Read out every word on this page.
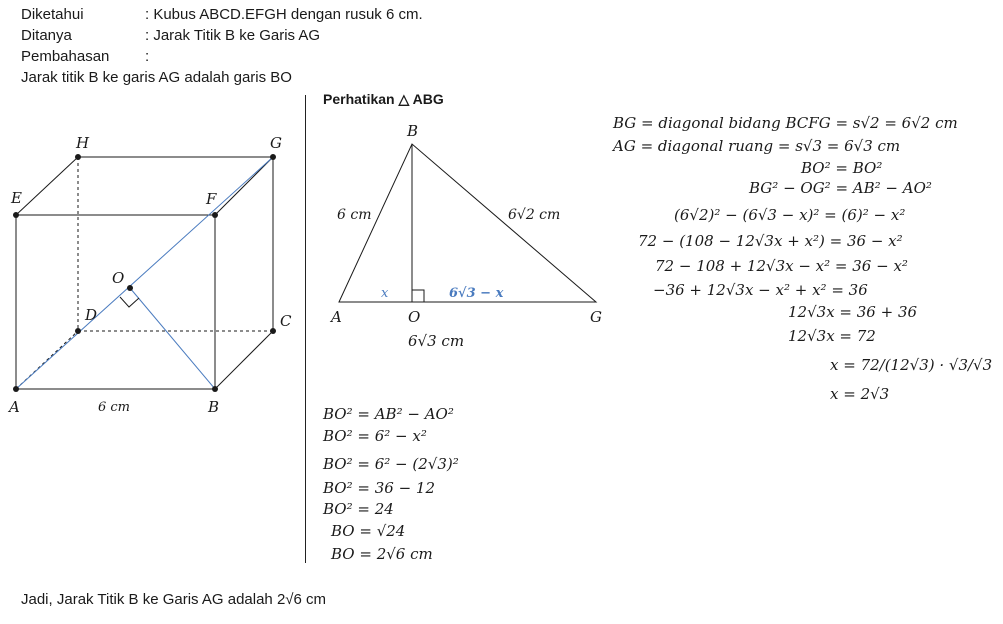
Diketahui	: Kubus ABCD.EFGH dengan rusuk 6 cm.
Ditanya	: Jarak Titik B ke Garis AG
Pembahasan :
Jarak titik B ke garis AG adalah garis BO
H	G
E	F
O
D	C
A	B
6 cm
Perhatikan △ ABG
B
A	O	G
6 cm	6√2 cm
x	6√3 − x
6√3 cm
BO² = AB² − AO²
BO² = 6² − x²
BO² = 6² − (2√3)²
BO² = 36 − 12
BO² = 24
BO = √24
BO = 2√6 cm
BG = diagonal bidang BCFG = s√2 = 6√2 cm
AG = diagonal ruang = s√3 = 6√3 cm
BO² = BO²
BG² − OG² = AB² − AO²
(6√2)² − (6√3 − x)² = (6)² − x²
72 − (108 − 12√3x + x²) = 36 − x²
72 − 108 + 12√3x − x² = 36 − x²
−36 + 12√3x − x² + x² = 36
12√3x = 36 + 36
12√3x = 72
x = 72/(12√3) · √3/√3
x = 2√3
Jadi, Jarak Titik B ke Garis AG adalah 2√6 cm
